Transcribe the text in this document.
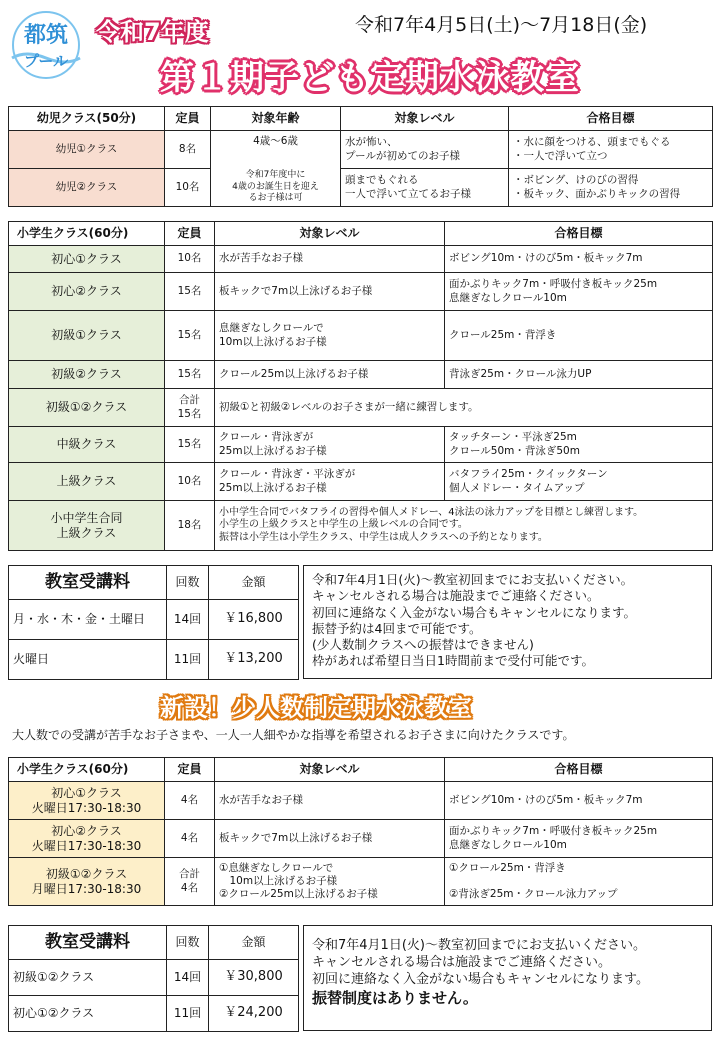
都筑
プール
令和7年度	令和7年4月5日(土)～7月18日(金)
第１期子ども定期水泳教室
幼児クラス(50分)	定員	対象年齢	対象レベル	合格目標
幼児①クラス	8名	4歳～6歳	水が怖い、
プールが初めてのお子様	・水に顔をつける、頭までもぐる
・一人で浮いて立つ
幼児②クラス	10名	令和7年度中に
4歳のお誕生日を迎え
るお子様は可	頭までもぐれる
一人で浮いて立てるお子様	・ボビング、けのびの習得
・板キック、面かぶりキックの習得
小学生クラス(60分)	定員	対象レベル	合格目標
初心①クラス	10名	水が苦手なお子様	ボビング10m・けのび5m・板キック7m
初心②クラス	15名	板キックで7m以上泳げるお子様	面かぶりキック7m・呼吸付き板キック25m
息継ぎなしクロール10m
初級①クラス	15名	息継ぎなしクロールで
10m以上泳げるお子様	クロール25m・背浮き
初級②クラス	15名	クロール25m以上泳げるお子様	背泳ぎ25m・クロール泳力UP
初級①②クラス	合計
15名	初級①と初級②レベルのお子さまが一緒に練習します。	
中級クラス	15名	クロール・背泳ぎが
25m以上泳げるお子様	タッチターン・平泳ぎ25m
クロール50m・背泳ぎ50m
上級クラス	10名	クロール・背泳ぎ・平泳ぎが
25m以上泳げるお子様	バタフライ25m・クイックターン
個人メドレー・タイムアップ
小中学生合同
上級クラス	18名	小中学生合同でバタフライの習得や個人メドレー、4泳法の泳力アップを目標とし練習します。
小学生の上級クラスと中学生の上級レベルの合同です。
振替は小学生は小学生クラス、中学生は成人クラスへの予約となります。	
教室受講料	回数	金額
月・水・木・金・土曜日	14回	￥16,800
火曜日	11回	￥13,200
令和7年4月1日(火)～教室初回までにお支払いください。
キャンセルされる場合は施設までご連絡ください。
初回に連絡なく入金がない場合もキャンセルになります。
振替予約は4回まで可能です。
(少人数制クラスへの振替はできません)
枠があれば希望日当日1時間前まで受付可能です。
新設！少人数制定期水泳教室
大人数での受講が苦手なお子さまや、一人一人細やかな指導を希望されるお子さまに向けたクラスです。
小学生クラス(60分)	定員	対象レベル	合格目標
初心①クラス
火曜日17:30-18:30	4名	水が苦手なお子様	ボビング10m・けのび5m・板キック7m
初心②クラス
火曜日17:30-18:30	4名	板キックで7m以上泳げるお子様	面かぶりキック7m・呼吸付き板キック25m
息継ぎなしクロール10m
初級①②クラス
月曜日17:30-18:30	合計
4名	①息継ぎなしクロールで
　10m以上泳げるお子様
②クロール25m以上泳げるお子様	①クロール25m・背浮き

②背泳ぎ25m・クロール泳力アップ
教室受講料	回数	金額
初級①②クラス	14回	￥30,800
初心①②クラス	11回	￥24,200
令和7年4月1日(火)～教室初回までにお支払いください。
キャンセルされる場合は施設までご連絡ください。
初回に連絡なく入金がない場合もキャンセルになります。
振替制度はありません。
